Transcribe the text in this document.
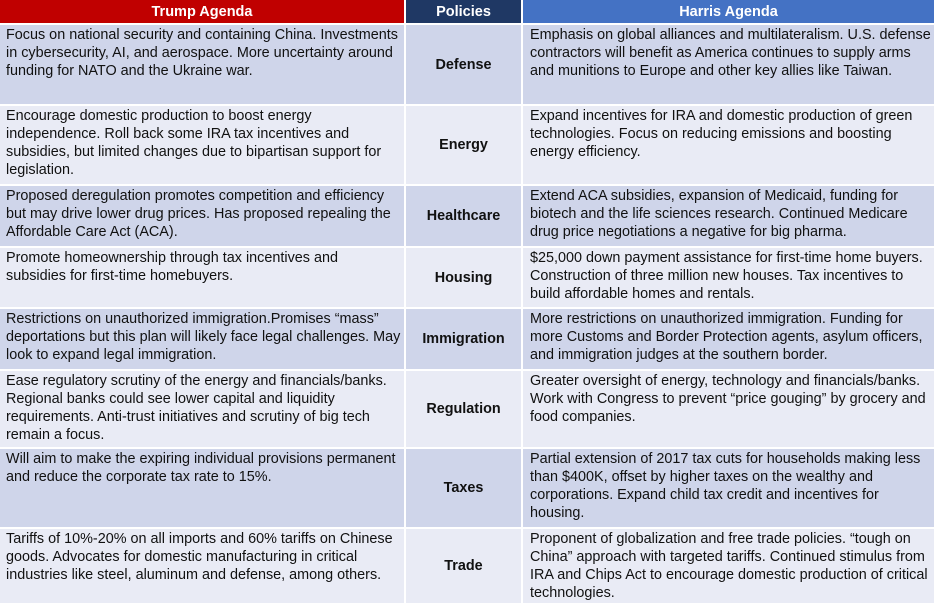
Trump Agenda	Policies	Harris Agenda
Focus on national security and containing China. Investments in cybersecurity, AI, and aerospace. More uncertainty around funding for NATO and the Ukraine war.	Defense	Emphasis on global alliances and multilateralism. U.S. defense contractors will benefit as America continues to supply arms and munitions to Europe and other key allies like Taiwan.
Encourage domestic production to boost energy independence. Roll back some IRA tax incentives and subsidies, but limited changes due to bipartisan support for legislation.	Energy	Expand incentives for IRA and domestic production of green technologies. Focus on reducing emissions and boosting energy efficiency.
Proposed deregulation promotes competition and efficiency but may drive lower drug prices. Has proposed repealing the Affordable Care Act (ACA).	Healthcare	Extend ACA subsidies, expansion of Medicaid, funding for biotech and the life sciences research. Continued Medicare drug price negotiations a negative for big pharma.
Promote homeownership through tax incentives and subsidies for first-time homebuyers.	Housing	$25,000 down payment assistance for first-time home buyers. Construction of three million new houses. Tax incentives to build affordable homes and rentals.
Restrictions on unauthorized immigration.Promises “mass” deportations but this plan will likely face legal challenges. May look to expand legal immigration.	Immigration	More restrictions on unauthorized immigration. Funding for more Customs and Border Protection agents, asylum officers, and immigration judges at the southern border.
Ease regulatory scrutiny of the energy and financials/banks. Regional banks could see lower capital and liquidity requirements. Anti-trust initiatives and scrutiny of big tech remain a focus.	Regulation	Greater oversight of energy, technology and financials/banks. Work with Congress to prevent “price gouging” by grocery and food companies.
Will aim to make the expiring individual provisions permanent and reduce the corporate tax rate to 15%.	Taxes	Partial extension of 2017 tax cuts for households making less than $400K, offset by higher taxes on the wealthy and corporations. Expand child tax credit and incentives for housing.
Tariffs of 10%-20% on all imports and 60% tariffs on Chinese goods. Advocates for domestic manufacturing in critical industries like steel, aluminum and defense, among others.	Trade	Proponent of globalization and free trade policies. “tough on China” approach with targeted tariffs. Continued stimulus from IRA and Chips Act to encourage domestic production of critical technologies.
